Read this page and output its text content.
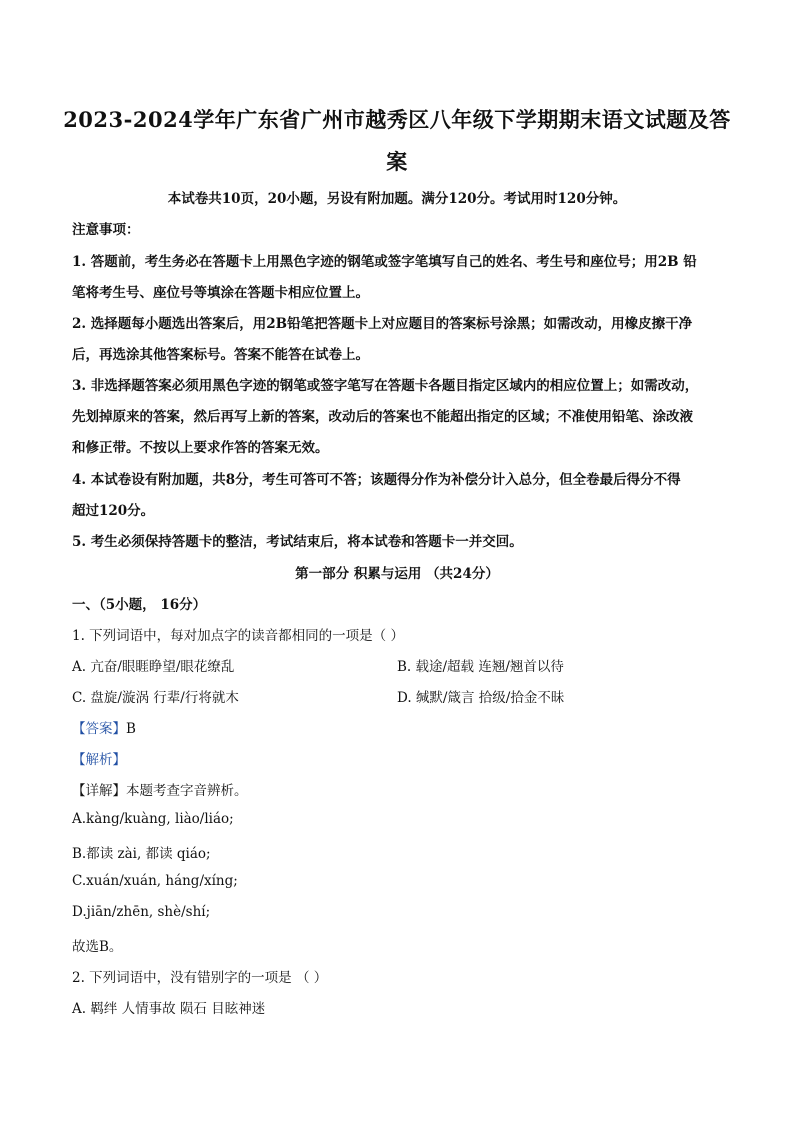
2023-2024学年广东省广州市越秀区八年级下学期期末语文试题及答
案
本试卷共10页，20小题，另设有附加题。满分120分。考试用时120分钟。
注意事项：
1. 答题前，考生务必在答题卡上用黑色字迹的钢笔或签字笔填写自己的姓名、考生号和座位号；用2B 铅
笔将考生号、座位号等填涂在答题卡相应位置上。
2. 选择题每小题选出答案后，用2B铅笔把答题卡上对应题目的答案标号涂黑；如需改动，用橡皮擦干净
后，再选涂其他答案标号。答案不能答在试卷上。
3. 非选择题答案必须用黑色字迹的钢笔或签字笔写在答题卡各题目指定区域内的相应位置上；如需改动，
先划掉原来的答案，然后再写上新的答案，改动后的答案也不能超出指定的区域；不准使用铅笔、涂改液
和修正带。不按以上要求作答的答案无效。
4. 本试卷设有附加题，共8分，考生可答可不答；该题得分作为补偿分计入总分，但全卷最后得分不得
超过120分。
5. 考生必须保持答题卡的整洁，考试结束后，将本试卷和答题卡一并交回。
第一部分 积累与运用 （共24分）
一、（5小题， 16分）
1. 下列词语中，每对加点字的读音都相同的一项是（ ）
A. 亢奋/眼睚睁望/眼花缭乱	B. 载途/超载 连翘/翘首以待
C. 盘旋/漩涡 行辈/行将就木	D. 缄默/箴言 拾级/拾金不昧
【答案】B
【解析】
【详解】本题考查字音辨析。
A.kàng/kuàng, liào/liáo;
B.都读 zài, 都读 qiáo;
C.xuán/xuán, háng/xíng;
D.jiān/zhēn, shè/shí;
故选B。
2. 下列词语中，没有错别字的一项是 （ ）
A. 羁绊 人情事故 陨石 目眩神迷
